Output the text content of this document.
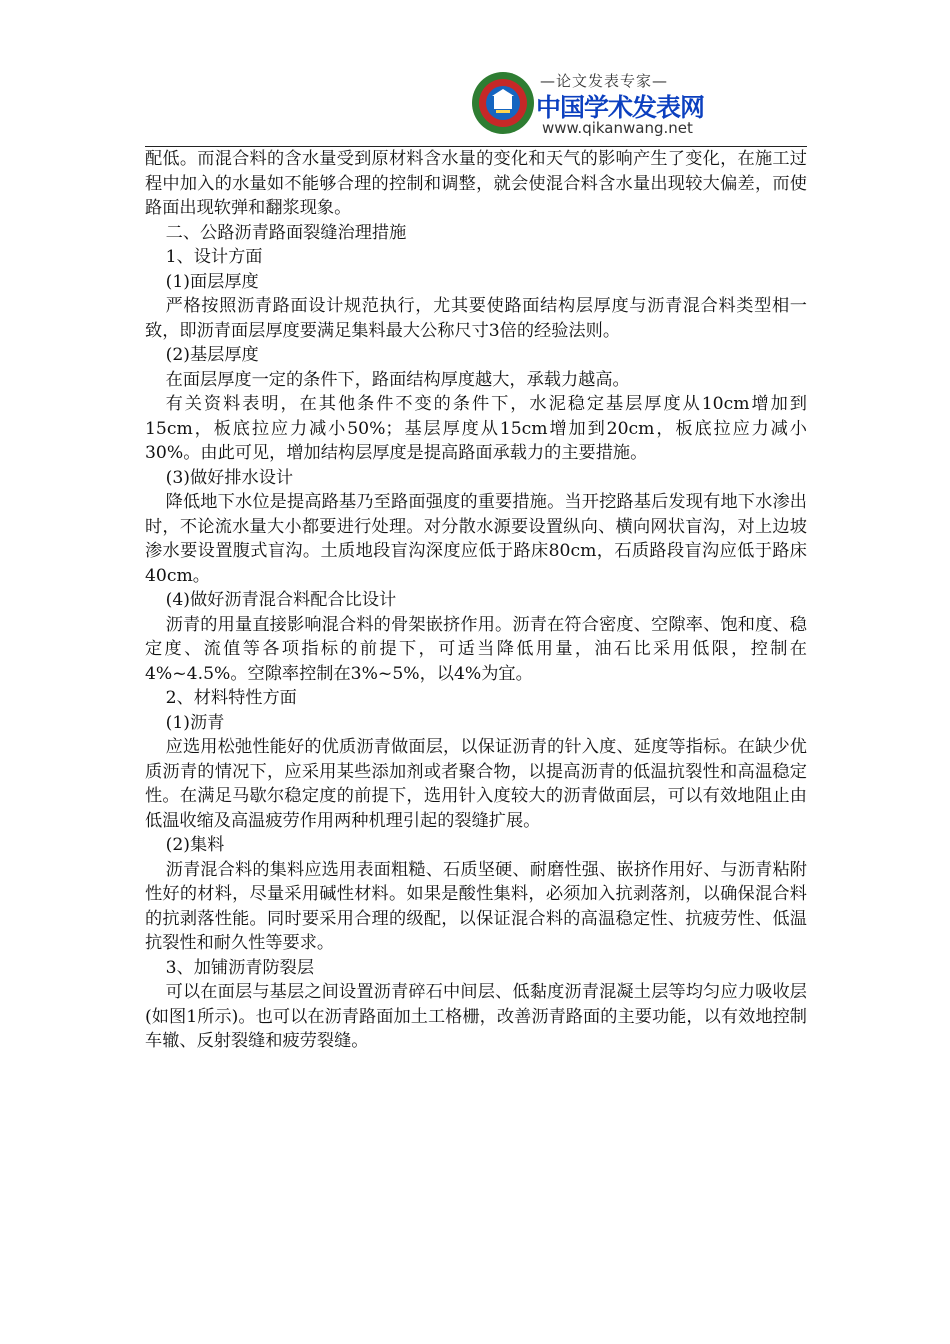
—论文发表专家—
中国学术发表网
www.qikanwang.net

配低。而混合料的含水量受到原材料含水量的变化和天气的影响产生了变化，在施工过程中加入的水量如不能够合理的控制和调整，就会使混合料含水量出现较大偏差，而使路面出现软弹和翻浆现象。

二、公路沥青路面裂缝治理措施

1、设计方面

(1)面层厚度

严格按照沥青路面设计规范执行，尤其要使路面结构层厚度与沥青混合料类型相一致，即沥青面层厚度要满足集料最大公称尺寸3倍的经验法则。

(2)基层厚度

在面层厚度一定的条件下，路面结构厚度越大，承载力越高。

有关资料表明，在其他条件不变的条件下，水泥稳定基层厚度从10cm增加到15cm，板底拉应力减小50%；基层厚度从15cm增加到20cm，板底拉应力减小30%。由此可见，增加结构层厚度是提高路面承载力的主要措施。

(3)做好排水设计

降低地下水位是提高路基乃至路面强度的重要措施。当开挖路基后发现有地下水渗出时，不论流水量大小都要进行处理。对分散水源要设置纵向、横向网状盲沟，对上边坡渗水要设置腹式盲沟。土质地段盲沟深度应低于路床80cm，石质路段盲沟应低于路床40cm。

(4)做好沥青混合料配合比设计

沥青的用量直接影响混合料的骨架嵌挤作用。沥青在符合密度、空隙率、饱和度、稳定度、流值等各项指标的前提下，可适当降低用量，油石比采用低限，控制在4%~4.5%。空隙率控制在3%~5%，以4%为宜。

2、材料特性方面

(1)沥青

应选用松弛性能好的优质沥青做面层，以保证沥青的针入度、延度等指标。在缺少优质沥青的情况下，应采用某些添加剂或者聚合物，以提高沥青的低温抗裂性和高温稳定性。在满足马歇尔稳定度的前提下，选用针入度较大的沥青做面层，可以有效地阻止由低温收缩及高温疲劳作用两种机理引起的裂缝扩展。

(2)集料

沥青混合料的集料应选用表面粗糙、石质坚硬、耐磨性强、嵌挤作用好、与沥青粘附性好的材料，尽量采用碱性材料。如果是酸性集料，必须加入抗剥落剂，以确保混合料的抗剥落性能。同时要采用合理的级配，以保证混合料的高温稳定性、抗疲劳性、低温抗裂性和耐久性等要求。

3、加铺沥青防裂层

可以在面层与基层之间设置沥青碎石中间层、低黏度沥青混凝土层等均匀应力吸收层(如图1所示)。也可以在沥青路面加土工格栅，改善沥青路面的主要功能，以有效地控制车辙、反射裂缝和疲劳裂缝。
